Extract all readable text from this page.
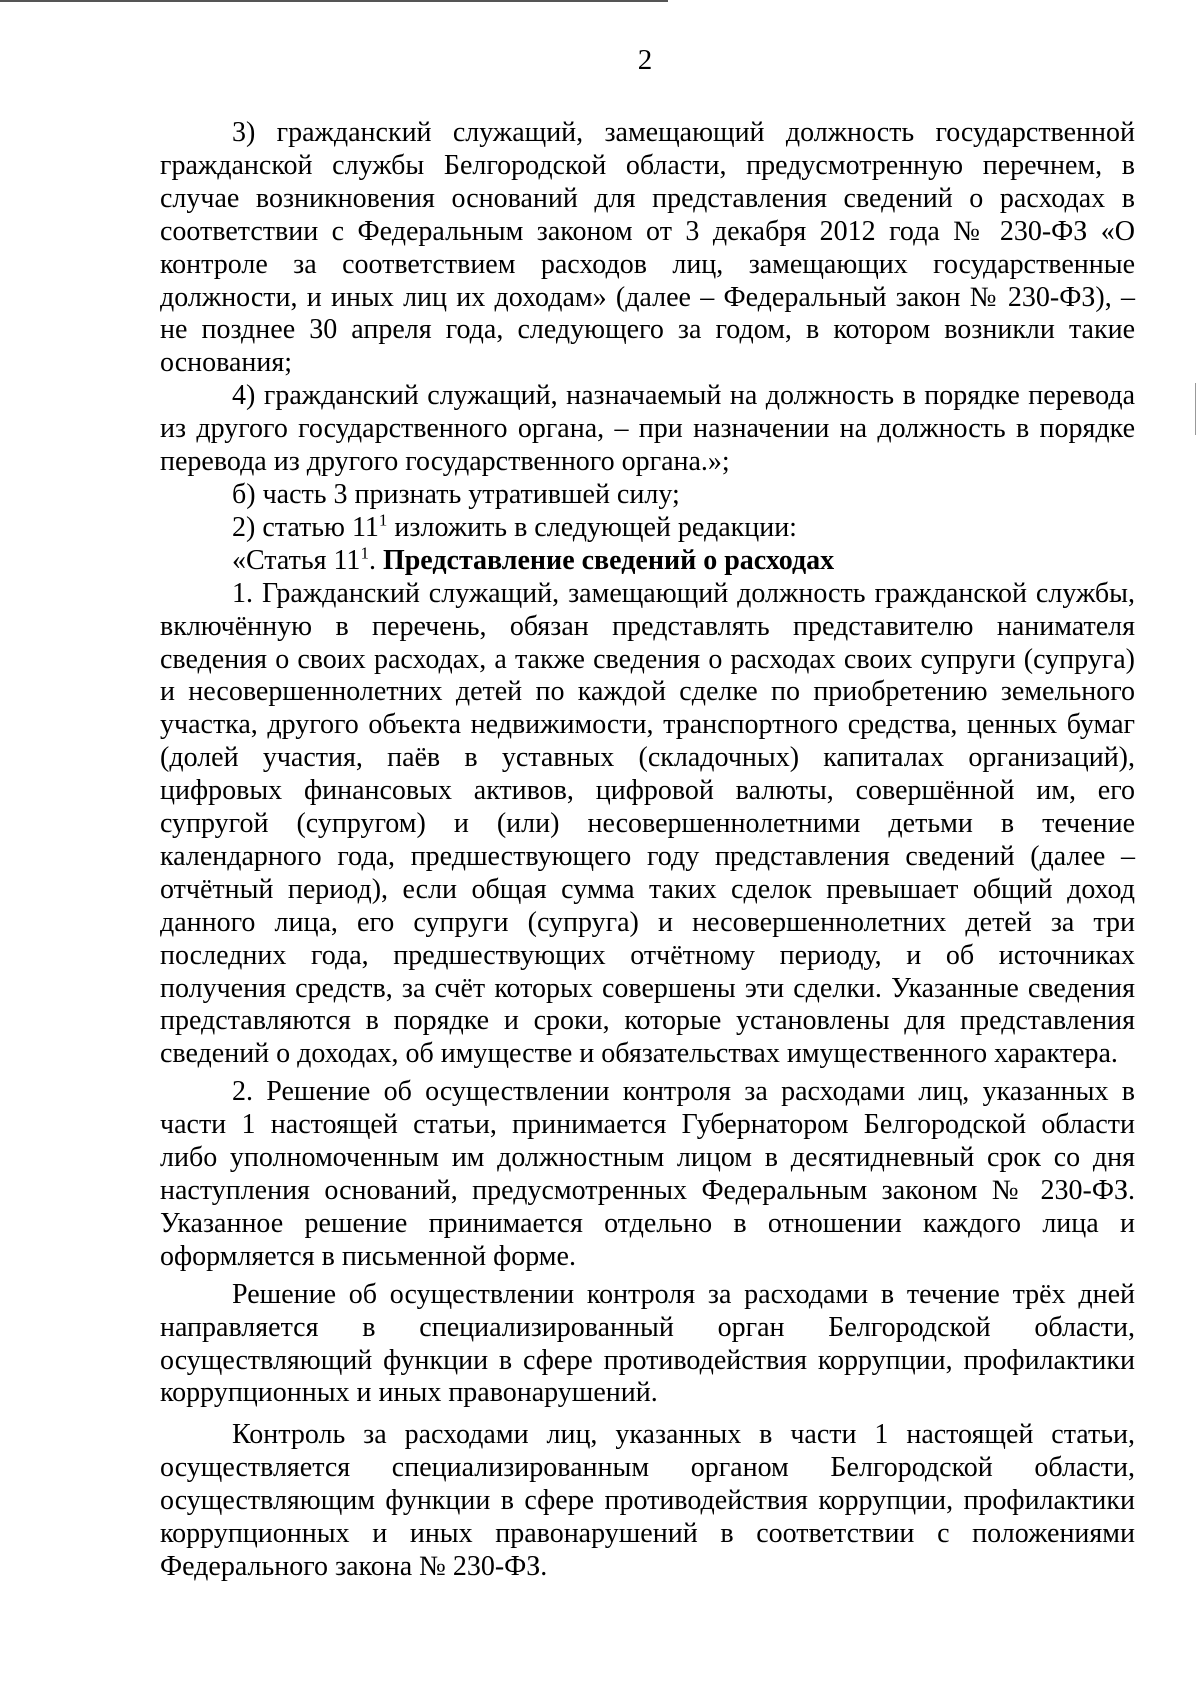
2

3) гражданский служащий, замещающий должность государственной гражданской службы Белгородской области, предусмотренную перечнем, в случае возникновения оснований для представления сведений о расходах в соответствии с Федеральным законом от 3 декабря 2012 года № 230-ФЗ «О контроле за соответствием расходов лиц, замещающих государственные должности, и иных лиц их доходам» (далее – Федеральный закон № 230-ФЗ), – не позднее 30 апреля года, следующего за годом, в котором возникли такие основания;

4) гражданский служащий, назначаемый на должность в порядке перевода из другого государственного органа, – при назначении на должность в порядке перевода из другого государственного органа.»;

б) часть 3 признать утратившей силу;

2) статью $11^1$ изложить в следующей редакции:

«Статья $11^1$. Представление сведений о расходах

1. Гражданский служащий, замещающий должность гражданской службы, включённую в перечень, обязан представлять представителю нанимателя сведения о своих расходах, а также сведения о расходах своих супруги (супруга) и несовершеннолетних детей по каждой сделке по приобретению земельного участка, другого объекта недвижимости, транспортного средства, ценных бумаг (долей участия, паёв в уставных (складочных) капиталах организаций), цифровых финансовых активов, цифровой валюты, совершённой им, его супругой (супругом) и (или) несовершеннолетними детьми в течение календарного года, предшествующего году представления сведений (далее – отчётный период), если общая сумма таких сделок превышает общий доход данного лица, его супруги (супруга) и несовершеннолетних детей за три последних года, предшествующих отчётному периоду, и об источниках получения средств, за счёт которых совершены эти сделки. Указанные сведения представляются в порядке и сроки, которые установлены для представления сведений о доходах, об имуществе и обязательствах имущественного характера.

2. Решение об осуществлении контроля за расходами лиц, указанных в части 1 настоящей статьи, принимается Губернатором Белгородской области либо уполномоченным им должностным лицом в десятидневный срок со дня наступления оснований, предусмотренных Федеральным законом № 230-ФЗ. Указанное решение принимается отдельно в отношении каждого лица и оформляется в письменной форме.

Решение об осуществлении контроля за расходами в течение трёх дней направляется в специализированный орган Белгородской области, осуществляющий функции в сфере противодействия коррупции, профилактики коррупционных и иных правонарушений.

Контроль за расходами лиц, указанных в части 1 настоящей статьи, осуществляется специализированным органом Белгородской области, осуществляющим функции в сфере противодействия коррупции, профилактики коррупционных и иных правонарушений в соответствии с положениями Федерального закона № 230-ФЗ.
